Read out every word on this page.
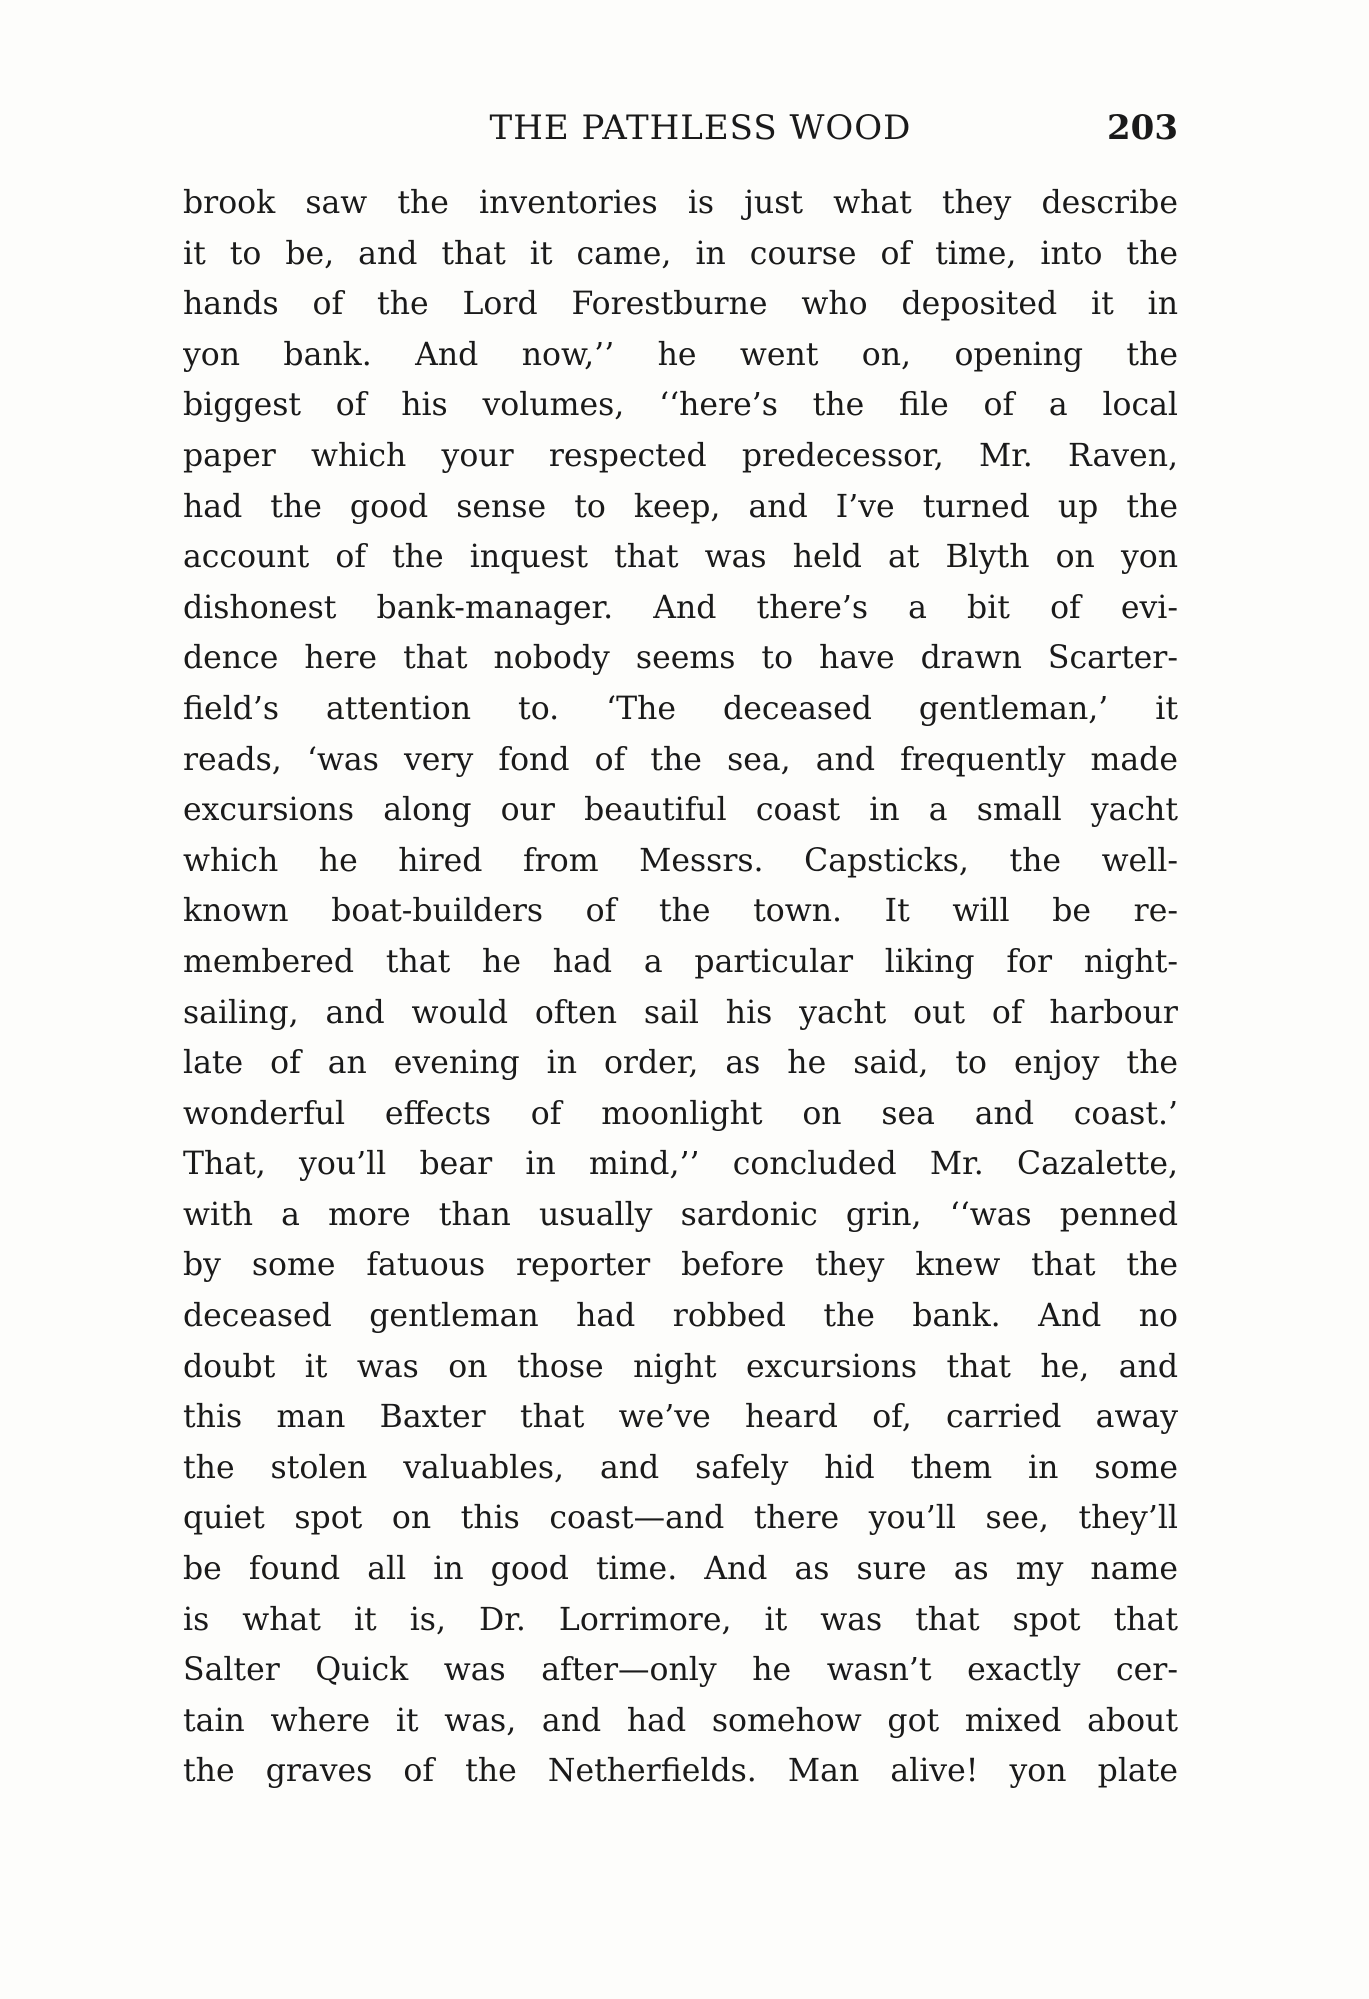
THE PATHLESS WOOD	203
brook saw the inventories is just what they describe
it to be, and that it came, in course of time, into the
hands of the Lord Forestburne who deposited it in
yon bank. And now,’’ he went on, opening the
biggest of his volumes, ‘‘here’s the file of a local
paper which your respected predecessor, Mr. Raven,
had the good sense to keep, and I’ve turned up the
account of the inquest that was held at Blyth on yon
dishonest bank-manager. And there’s a bit of evi-
dence here that nobody seems to have drawn Scarter-
field’s attention to. ‘The deceased gentleman,’ it
reads, ‘was very fond of the sea, and frequently made
excursions along our beautiful coast in a small yacht
which he hired from Messrs. Capsticks, the well-
known boat-builders of the town. It will be re-
membered that he had a particular liking for night-
sailing, and would often sail his yacht out of harbour
late of an evening in order, as he said, to enjoy the
wonderful effects of moonlight on sea and coast.’
That, you’ll bear in mind,’’ concluded Mr. Cazalette,
with a more than usually sardonic grin, ‘‘was penned
by some fatuous reporter before they knew that the
deceased gentleman had robbed the bank. And no
doubt it was on those night excursions that he, and
this man Baxter that we’ve heard of, carried away
the stolen valuables, and safely hid them in some
quiet spot on this coast—and there you’ll see, they’ll
be found all in good time. And as sure as my name
is what it is, Dr. Lorrimore, it was that spot that
Salter Quick was after—only he wasn’t exactly cer-
tain where it was, and had somehow got mixed about
the graves of the Netherfields. Man alive! yon plate
